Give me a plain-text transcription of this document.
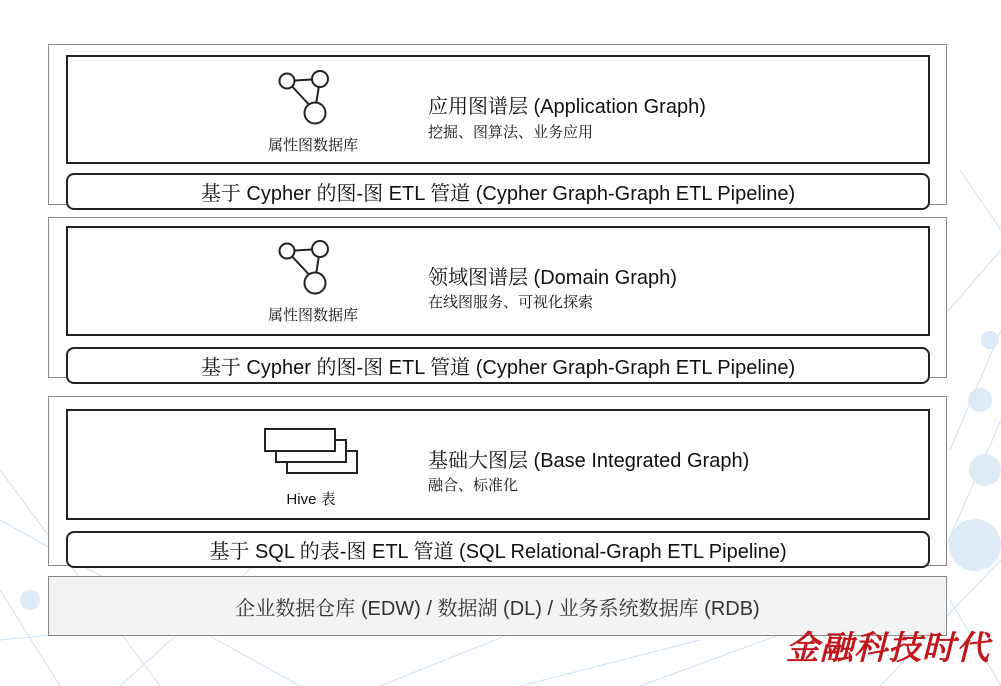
属性图数据库
应用图谱层 (Application Graph)
挖掘、图算法、业务应用
基于 Cypher 的图-图 ETL 管道 (Cypher Graph-Graph ETL Pipeline)
属性图数据库
领域图谱层 (Domain Graph)
在线图服务、可视化探索
基于 Cypher 的图-图 ETL 管道 (Cypher Graph-Graph ETL Pipeline)
Hive 表
基础大图层 (Base Integrated Graph)
融合、标准化
基于 SQL 的表-图 ETL 管道 (SQL Relational-Graph ETL Pipeline)
企业数据仓库 (EDW) / 数据湖 (DL) / 业务系统数据库 (RDB)
金融科技时代
